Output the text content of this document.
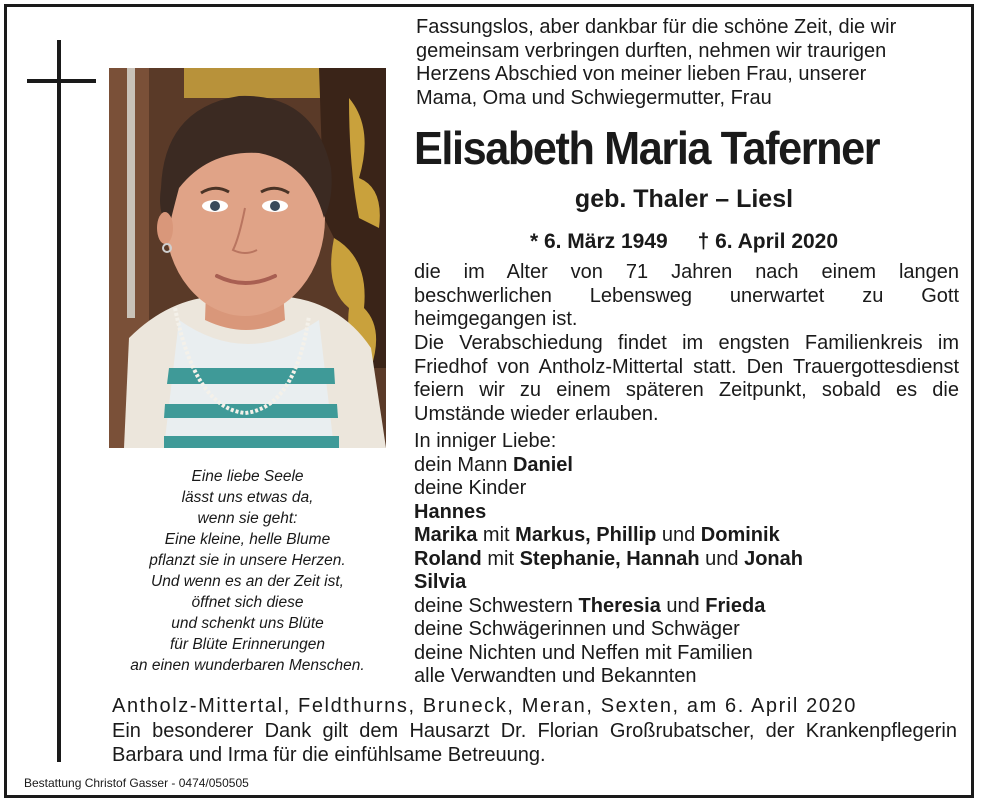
Fassungslos, aber dankbar für die schöne Zeit, die wir
gemeinsam verbringen durften, nehmen wir traurigen
Herzens Abschied von meiner lieben Frau, unserer
Mama, Oma und Schwiegermutter, Frau
Elisabeth Maria Taferner

geb. Thaler – Liesl

* 6. März 1949 † 6. April 2020

die im Alter von 71 Jahren nach einem langen beschwerlichen Lebensweg unerwartet zu Gott heimgegangen ist.

Die Verabschiedung findet im engsten Familienkreis im Friedhof von Antholz-Mittertal statt. Den Trauergottesdienst feiern wir zu einem späteren Zeitpunkt, sobald es die Umstände wieder erlauben.

In inniger Liebe:
dein Mann Daniel
deine Kinder
Hannes
Marika mit Markus, Phillip und Dominik
Roland mit Stephanie, Hannah und Jonah
Silvia
deine Schwestern Theresia und Frieda
deine Schwägerinnen und Schwäger
deine Nichten und Neffen mit Familien
alle Verwandten und Bekannten
Eine liebe Seele
lässt uns etwas da,
wenn sie geht:
Eine kleine, helle Blume
pflanzt sie in unsere Herzen.
Und wenn es an der Zeit ist,
öffnet sich diese
und schenkt uns Blüte
für Blüte Erinnerungen
an einen wunderbaren Menschen.

Antholz-Mittertal, Feldthurns, Bruneck, Meran, Sexten, am 6. April 2020

Ein besonderer Dank gilt dem Hausarzt Dr. Florian Großrubatscher, der Krankenpflegerin Barbara und Irma für die einfühlsame Betreuung.

Bestattung Christof Gasser - 0474/050505
